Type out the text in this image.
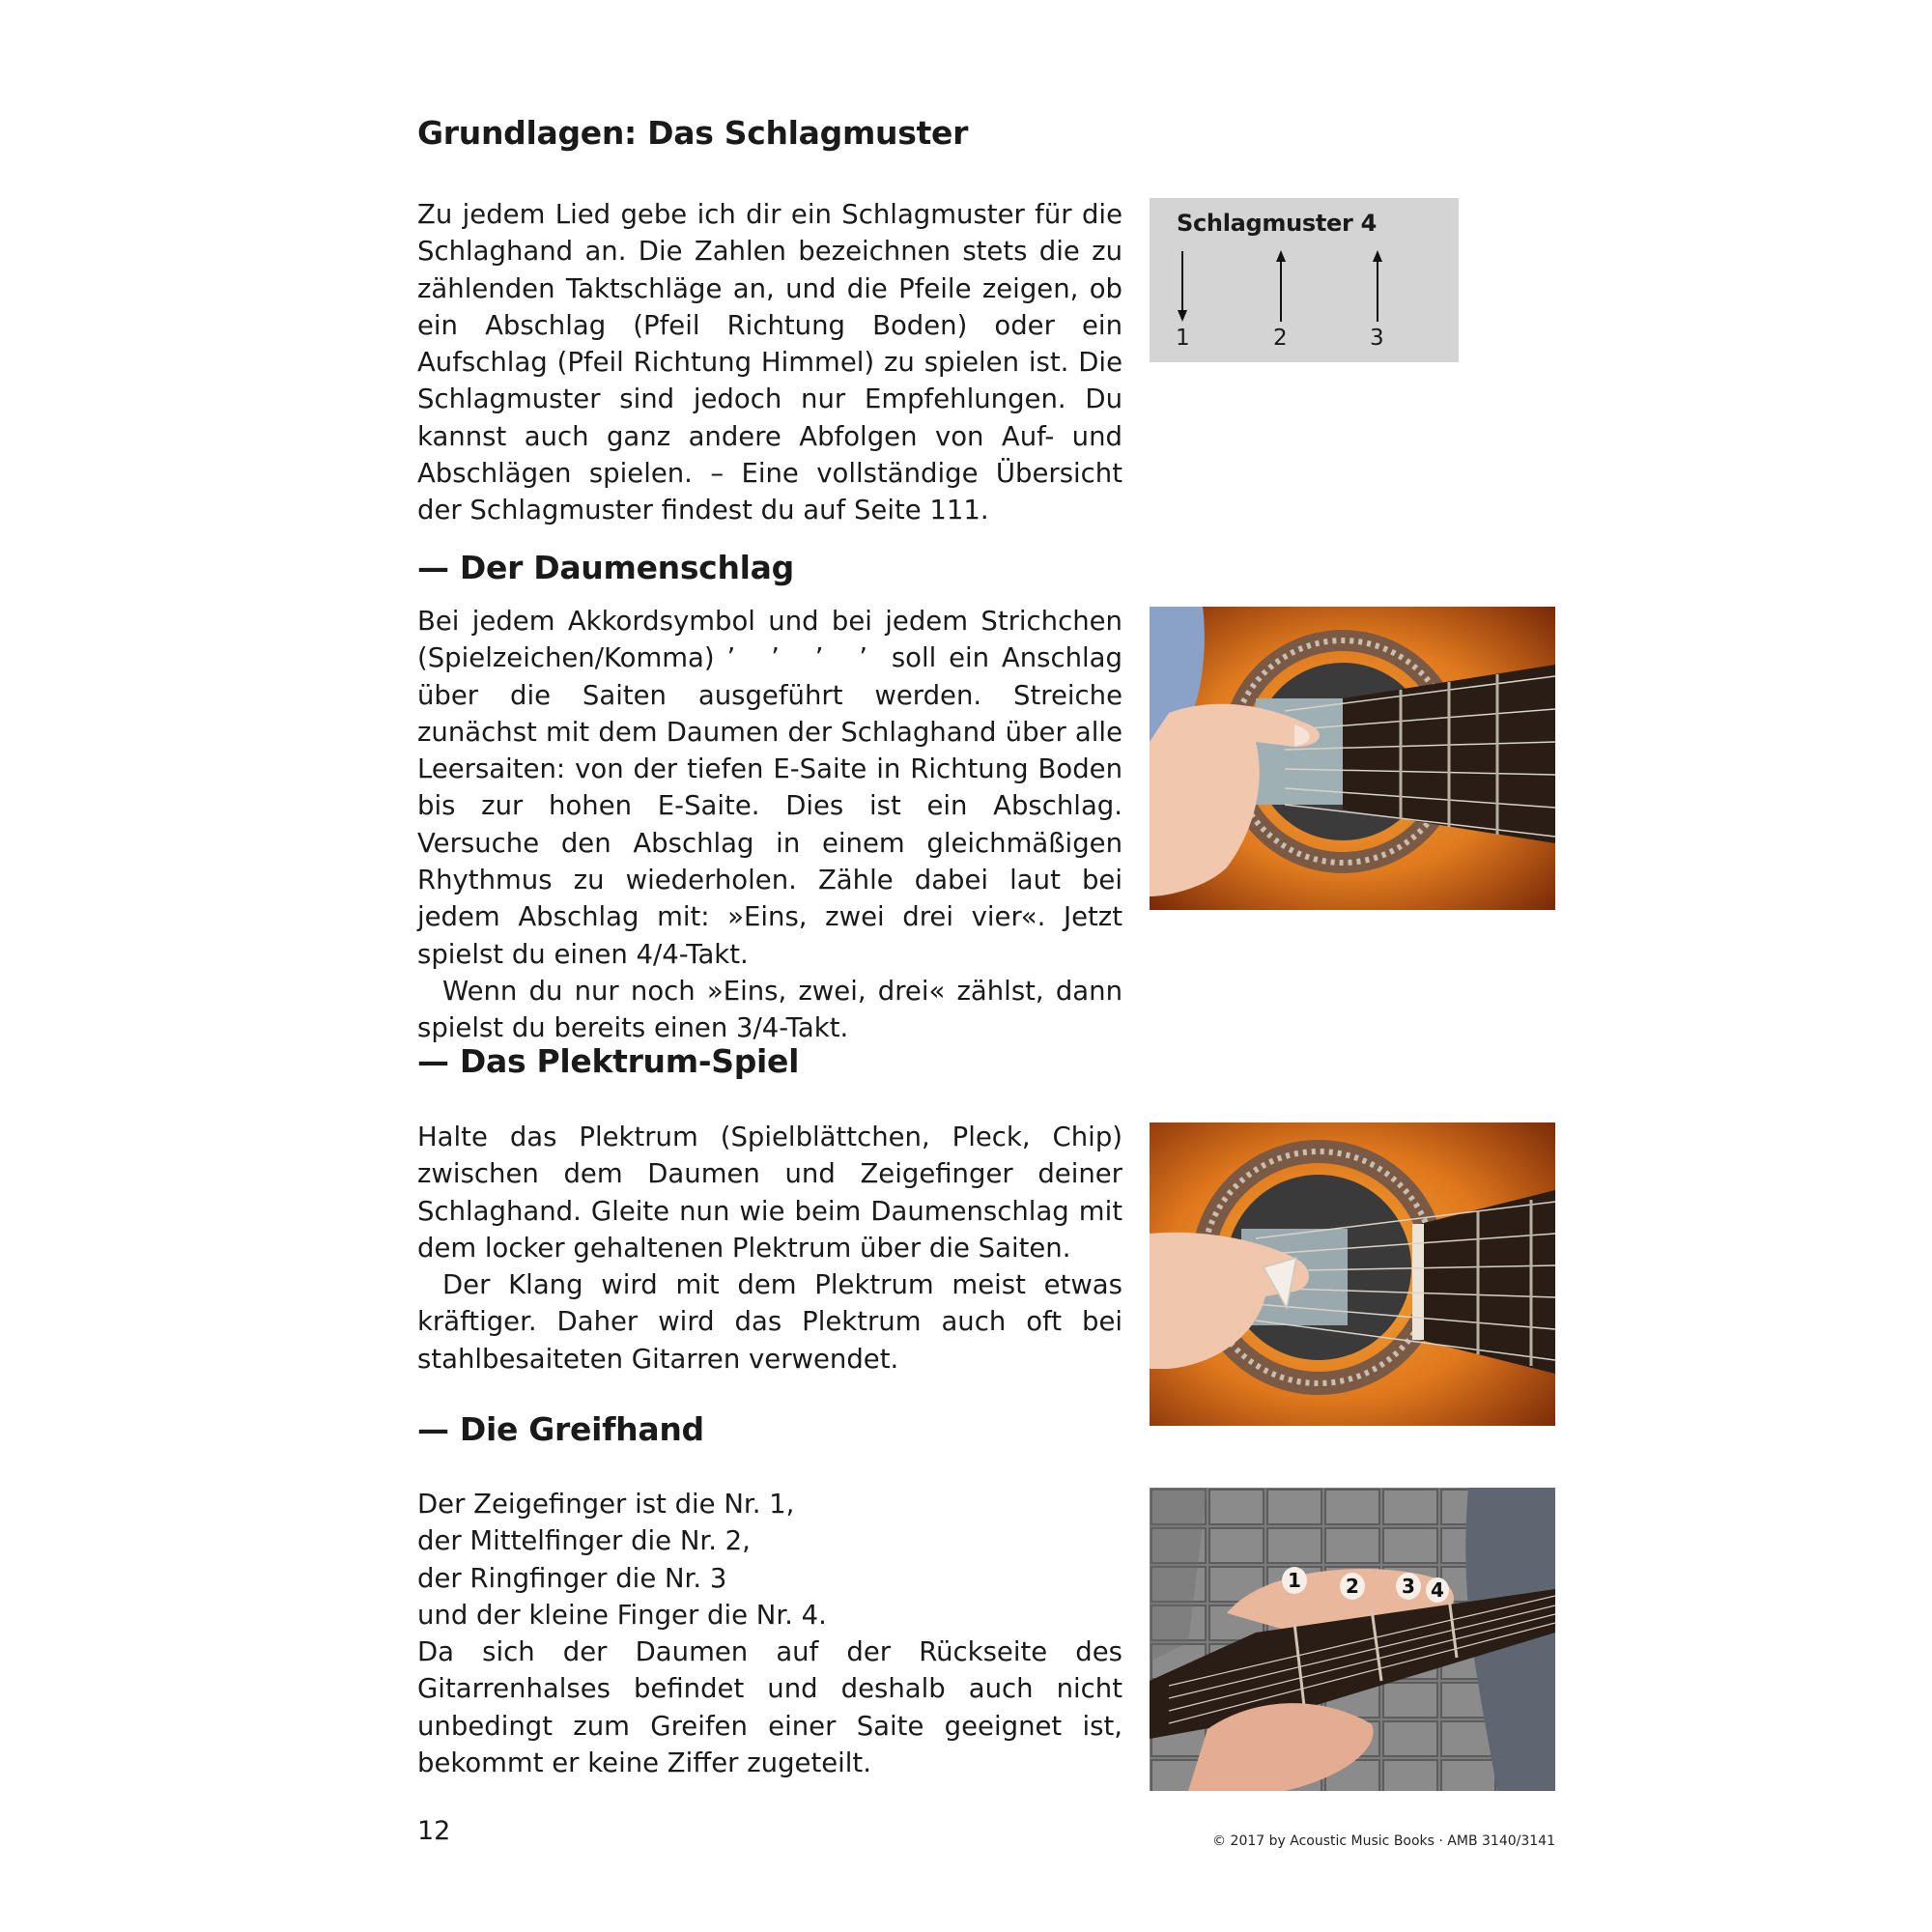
Grundlagen: Das Schlagmuster

Zu jedem Lied gebe ich dir ein Schlagmuster für die Schlaghand an. Die Zahlen bezeichnen stets die zu zählenden Taktschläge an, und die Pfeile zeigen, ob ein Abschlag (Pfeil Richtung Boden) oder ein Aufschlag (Pfeil Richtung Himmel) zu spielen ist. Die Schlagmuster sind jedoch nur Empfehlungen. Du kannst auch ganz andere Abfolgen von Auf- und Abschlägen spielen. – Eine vollständige Übersicht der Schlagmuster findest du auf Seite 111.

Schlagmuster 4
1	2	3
— Der Daumenschlag

Bei jedem Akkordsymbol und bei jedem Strichchen (Spielzeichen/Komma) ’ ’ ’ ’ soll ein Anschlag über die Saiten ausgeführt werden. Streiche zunächst mit dem Daumen der Schlaghand über alle Leersaiten: von der tiefen E-Saite in Richtung Boden bis zur hohen E-Saite. Dies ist ein Abschlag. Versuche den Abschlag in einem gleichmäßigen Rhythmus zu wiederholen. Zähle dabei laut bei jedem Abschlag mit: »Eins, zwei drei vier«. Jetzt spielst du einen 4/4-Takt.

Wenn du nur noch »Eins, zwei, drei« zählst, dann spielst du bereits einen 3/4-Takt.

— Das Plektrum-Spiel

Halte das Plektrum (Spielblättchen, Pleck, Chip) zwischen dem Daumen und Zeigefinger deiner Schlaghand. Gleite nun wie beim Daumenschlag mit dem locker gehaltenen Plektrum über die Saiten.

Der Klang wird mit dem Plektrum meist etwas kräftiger. Daher wird das Plektrum auch oft bei stahlbesaiteten Gitarren verwendet.

— Die Greifhand
Der Zeigefinger ist die Nr. 1,
der Mittelfinger die Nr. 2,
der Ringfinger die Nr. 3
und der kleine Finger die Nr. 4.

Da sich der Daumen auf der Rückseite des Gitarrenhalses befindet und deshalb auch nicht unbedingt zum Greifen einer Saite geeignet ist, bekommt er keine Ziffer zugeteilt.

1 2 3 4
12	© 2017 by Acoustic Music Books · AMB 3140/3141
